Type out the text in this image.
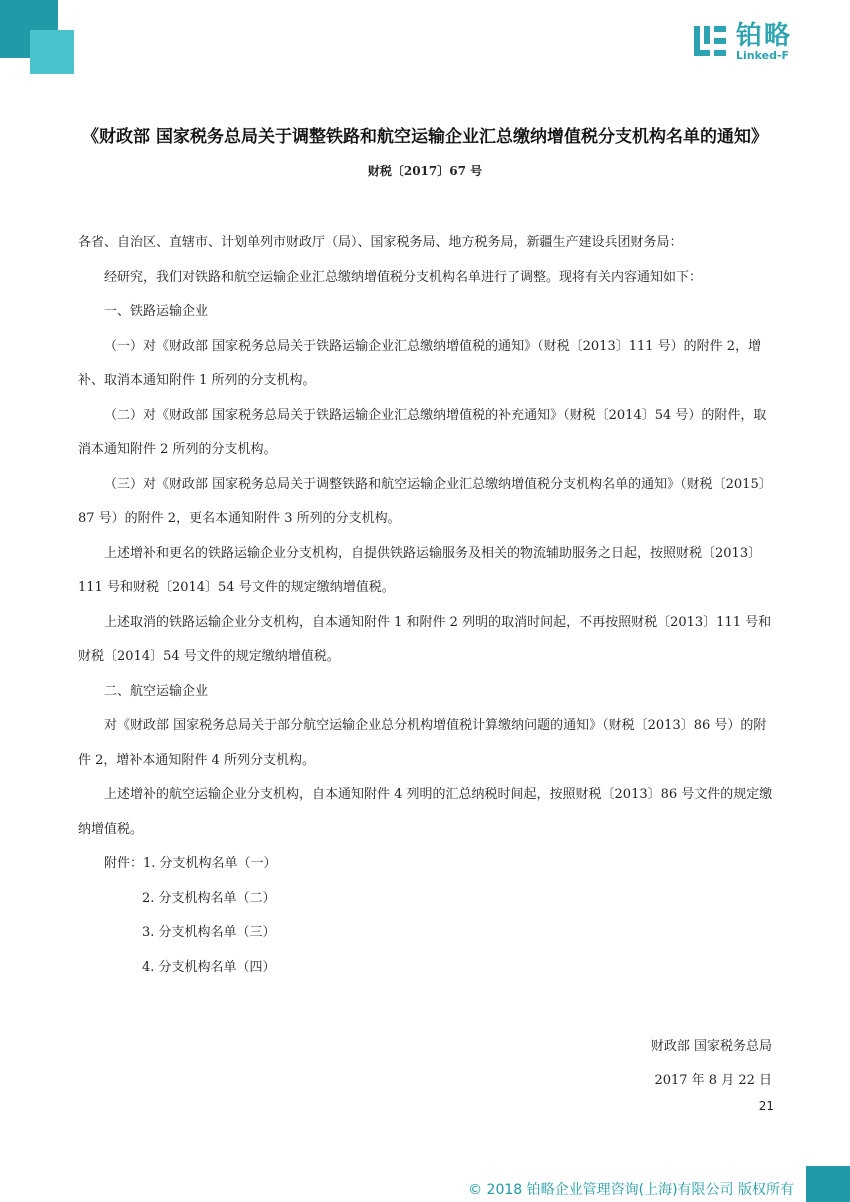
铂略
Linked-F
《财政部 国家税务总局关于调整铁路和航空运输企业汇总缴纳增值税分支机构名单的通知》
财税〔2017〕67 号

各省、自治区、直辖市、计划单列市财政厅（局）、国家税务局、地方税务局，新疆生产建设兵团财务局：

经研究，我们对铁路和航空运输企业汇总缴纳增值税分支机构名单进行了调整。现将有关内容通知如下：

一、铁路运输企业

（一）对《财政部 国家税务总局关于铁路运输企业汇总缴纳增值税的通知》（财税〔2013〕111 号）的附件 2，增补、取消本通知附件 1 所列的分支机构。

（二）对《财政部 国家税务总局关于铁路运输企业汇总缴纳增值税的补充通知》（财税〔2014〕54 号）的附件，取消本通知附件 2 所列的分支机构。

（三）对《财政部 国家税务总局关于调整铁路和航空运输企业汇总缴纳增值税分支机构名单的通知》（财税〔2015〕87 号）的附件 2，更名本通知附件 3 所列的分支机构。

上述增补和更名的铁路运输企业分支机构，自提供铁路运输服务及相关的物流辅助服务之日起，按照财税〔2013〕111 号和财税〔2014〕54 号文件的规定缴纳增值税。

上述取消的铁路运输企业分支机构，自本通知附件 1 和附件 2 列明的取消时间起，不再按照财税〔2013〕111 号和财税〔2014〕54 号文件的规定缴纳增值税。

二、航空运输企业

对《财政部 国家税务总局关于部分航空运输企业总分机构增值税计算缴纳问题的通知》（财税〔2013〕86 号）的附件 2，增补本通知附件 4 所列分支机构。

上述增补的航空运输企业分支机构，自本通知附件 4 列明的汇总纳税时间起，按照财税〔2013〕86 号文件的规定缴纳增值税。

附件：1. 分支机构名单（一）

2. 分支机构名单（二）

3. 分支机构名单（三）

4. 分支机构名单（四）

财政部 国家税务总局
2017 年 8 月 22 日
21
© 2018 铂略企业管理咨询(上海)有限公司 版权所有
